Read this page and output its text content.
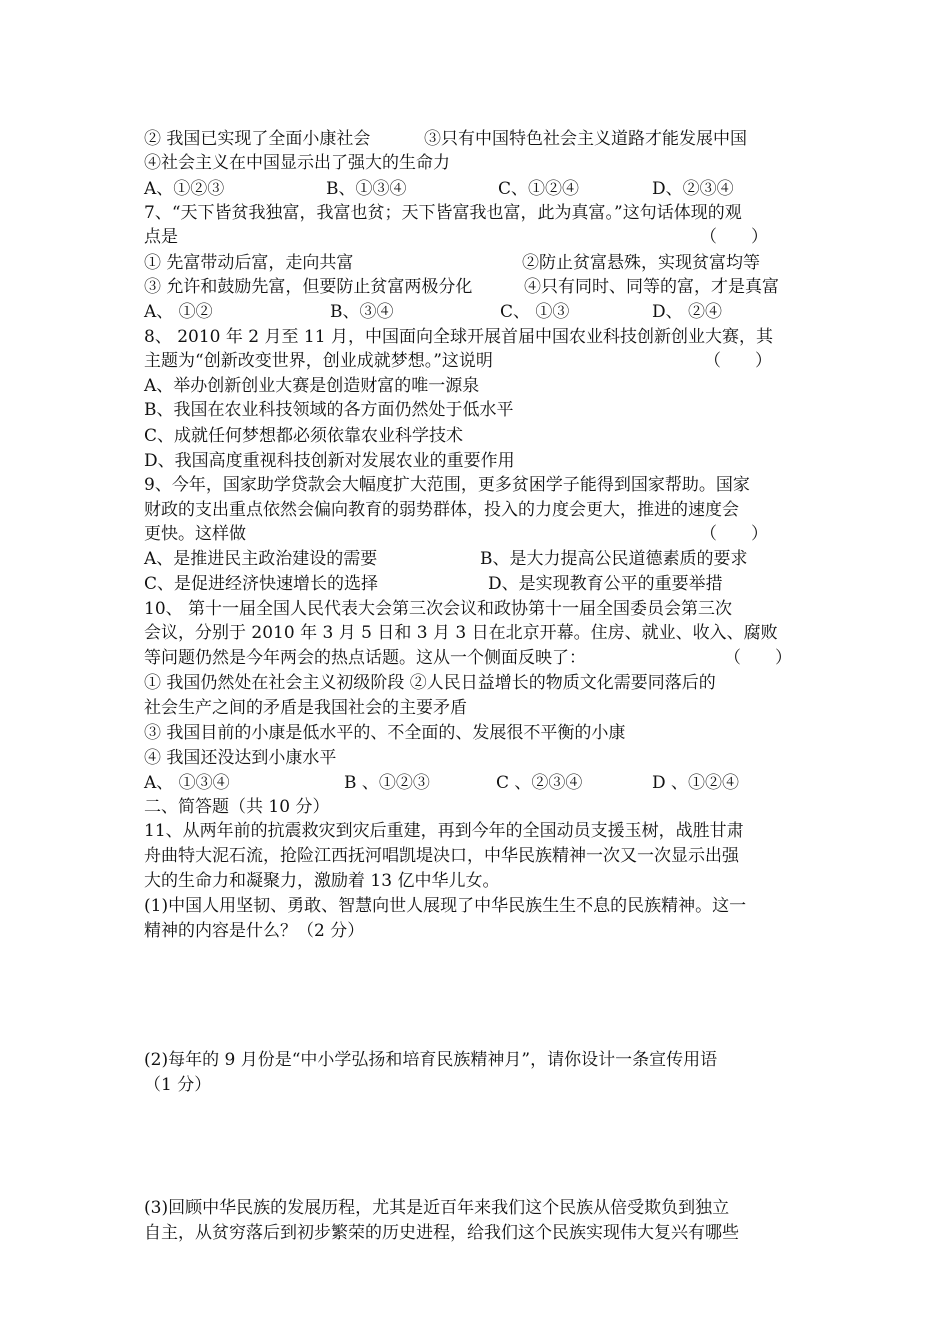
② 我国已实现了全面小康社会	③只有中国特色社会主义道路才能发展中国
④社会主义在中国显示出了强大的生命力
A、①②③	B、①③④	C、①②④	D、②③④
7、“天下皆贫我独富，我富也贫；天下皆富我也富，此为真富。”这句话体现的观
点是	（　　）
① 先富带动后富，走向共富	②防止贫富悬殊，实现贫富均等
③ 允许和鼓励先富，但要防止贫富两极分化	④只有同时、同等的富，才是真富
A、 ①②	B、③④	C、 ①③	D、 ②④
8、 2010 年 2 月至 11 月，中国面向全球开展首届中国农业科技创新创业大赛，其
主题为“创新改变世界，创业成就梦想。”这说明	（　　）
A、举办创新创业大赛是创造财富的唯一源泉
B、我国在农业科技领域的各方面仍然处于低水平
C、成就任何梦想都必须依靠农业科学技术
D、我国高度重视科技创新对发展农业的重要作用
9、今年，国家助学贷款会大幅度扩大范围，更多贫困学子能得到国家帮助。国家
财政的支出重点依然会偏向教育的弱势群体，投入的力度会更大，推进的速度会
更快。这样做	（　　）
A、是推进民主政治建设的需要	B、是大力提高公民道德素质的要求
C、是促进经济快速增长的选择	D、是实现教育公平的重要举措
10、 第十一届全国人民代表大会第三次会议和政协第十一届全国委员会第三次
会议，分别于 2010 年 3 月 5 日和 3 月 3 日在北京开幕。住房、就业、收入、腐败
等问题仍然是今年两会的热点话题。这从一个侧面反映了：	（　　）
① 我国仍然处在社会主义初级阶段 ②人民日益增长的物质文化需要同落后的
社会生产之间的矛盾是我国社会的主要矛盾
③ 我国目前的小康是低水平的、不全面的、发展很不平衡的小康
④ 我国还没达到小康水平
A、 ①③④	B 、①②③	C 、②③④	D 、①②④
二、简答题（共 10 分）
11、从两年前的抗震救灾到灾后重建，再到今年的全国动员支援玉树，战胜甘肃
舟曲特大泥石流，抢险江西抚河唱凯堤决口，中华民族精神一次又一次显示出强
大的生命力和凝聚力，激励着 13 亿中华儿女。
(1)中国人用坚韧、勇敢、智慧向世人展现了中华民族生生不息的民族精神。这一
精神的内容是什么？（2 分）
(2)每年的 9 月份是“中小学弘扬和培育民族精神月”，请你设计一条宣传用语
（1 分）
(3)回顾中华民族的发展历程，尤其是近百年来我们这个民族从倍受欺负到独立
自主，从贫穷落后到初步繁荣的历史进程，给我们这个民族实现伟大复兴有哪些
